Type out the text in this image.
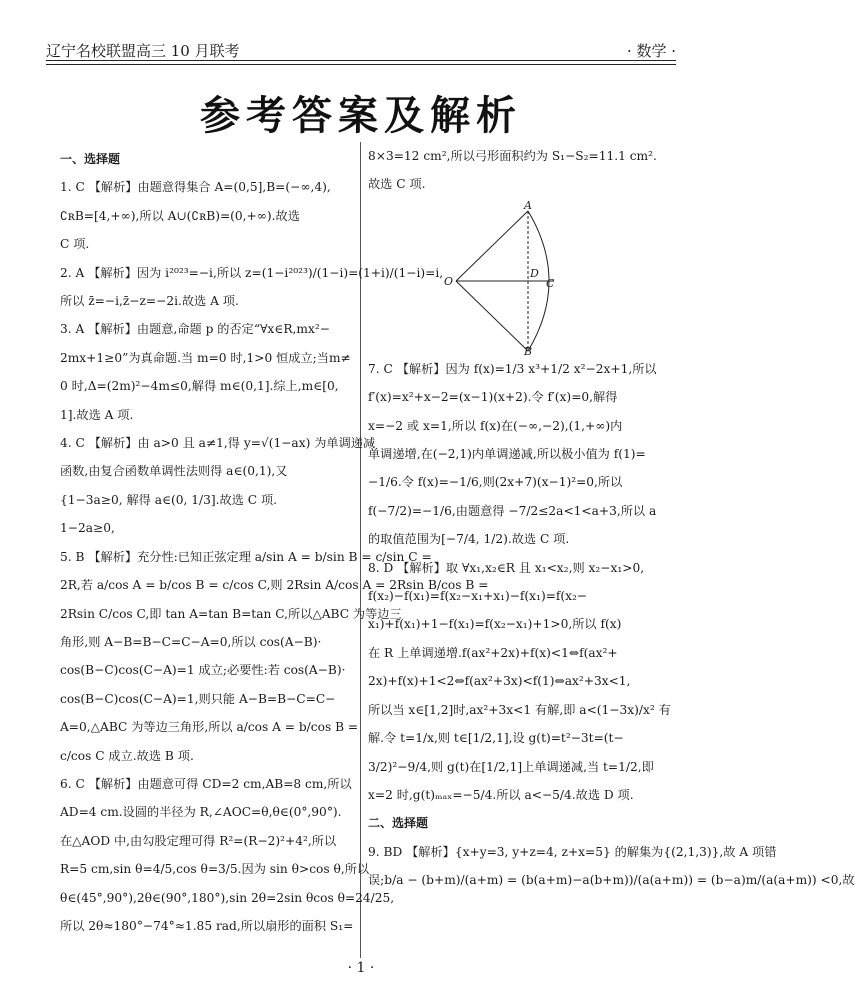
辽宁名校联盟高三 10 月联考	· 数学 ·
参考答案及解析

一、选择题

1. C 【解析】由题意得集合 A=(0,5],B=(−∞,4),

∁ʀB=[4,+∞),所以 A∪(∁ʀB)=(0,+∞).故选

C 项.

2. A 【解析】因为 i²⁰²³=−i,所以 z=(1−i²⁰²³)/(1−i)=(1+i)/(1−i)=i,

所以 z̄=−i,z̄−z=−2i.故选 A 项.

3. A 【解析】由题意,命题 p 的否定“∀x∈R,mx²−

2mx+1≥0”为真命题.当 m=0 时,1>0 恒成立;当m≠

0 时,Δ=(2m)²−4m≤0,解得 m∈(0,1].综上,m∈[0,

1].故选 A 项.

4. C 【解析】由 a>0 且 a≠1,得 y=√(1−ax) 为单调递减

函数,由复合函数单调性法则得 a∈(0,1),又

{1−3a≥0, 解得 a∈(0, 1/3].故选 C 项.

1−2a≥0,

5. B 【解析】充分性:已知正弦定理 a/sin A = b/sin B = c/sin C =

2R,若 a/cos A = b/cos B = c/cos C,则 2Rsin A/cos A = 2Rsin B/cos B =

2Rsin C/cos C,即 tan A=tan B=tan C,所以△ABC 为等边三

角形,则 A−B=B−C=C−A=0,所以 cos(A−B)·

cos(B−C)cos(C−A)=1 成立;必要性:若 cos(A−B)·

cos(B−C)cos(C−A)=1,则只能 A−B=B−C=C−

A=0,△ABC 为等边三角形,所以 a/cos A = b/cos B =

c/cos C 成立.故选 B 项.

6. C 【解析】由题意可得 CD=2 cm,AB=8 cm,所以

AD=4 cm.设圆的半径为 R,∠AOC=θ,θ∈(0°,90°).

在△AOD 中,由勾股定理可得 R²=(R−2)²+4²,所以

R=5 cm,sin θ=4/5,cos θ=3/5.因为 sin θ>cos θ,所以

θ∈(45°,90°),2θ∈(90°,180°),sin 2θ=2sin θcos θ=24/25,

所以 2θ≈180°−74°≈1.85 rad,所以扇形的面积 S₁=

8×3=12 cm²,所以弓形面积约为 S₁−S₂=11.1 cm².

故选 C 项.

A
B
C
D
O

7. C 【解析】因为 f(x)=1/3 x³+1/2 x²−2x+1,所以

f′(x)=x²+x−2=(x−1)(x+2).令 f′(x)=0,解得

x=−2 或 x=1,所以 f(x)在(−∞,−2),(1,+∞)内

单调递增,在(−2,1)内单调递减,所以极小值为 f(1)=

−1/6.令 f(x)=−1/6,则(2x+7)(x−1)²=0,所以

f(−7/2)=−1/6,由题意得 −7/2≤2a<1<a+3,所以 a

的取值范围为[−7/4, 1/2).故选 C 项.

8. D 【解析】取 ∀x₁,x₂∈R 且 x₁<x₂,则 x₂−x₁>0,

f(x₂)−f(x₁)=f(x₂−x₁+x₁)−f(x₁)=f(x₂−

x₁)+f(x₁)+1−f(x₁)=f(x₂−x₁)+1>0,所以 f(x)

在 R 上单调递增.f(ax²+2x)+f(x)<1⇔f(ax²+

2x)+f(x)+1<2⇔f(ax²+3x)<f(1)⇔ax²+3x<1,

所以当 x∈[1,2]时,ax²+3x<1 有解,即 a<(1−3x)/x² 有

解.令 t=1/x,则 t∈[1/2,1],设 g(t)=t²−3t=(t−

3/2)²−9/4,则 g(t)在[1/2,1]上单调递减,当 t=1/2,即

x=2 时,g(t)ₘₐₓ=−5/4.所以 a<−5/4.故选 D 项.

二、选择题

9. BD 【解析】{x+y=3, y+z=4, z+x=5} 的解集为{(2,1,3)},故 A 项错

误;b/a − (b+m)/(a+m) = (b(a+m)−a(b+m))/(a(a+m)) = (b−a)m/(a(a+m)) <0,故

· 1 ·
